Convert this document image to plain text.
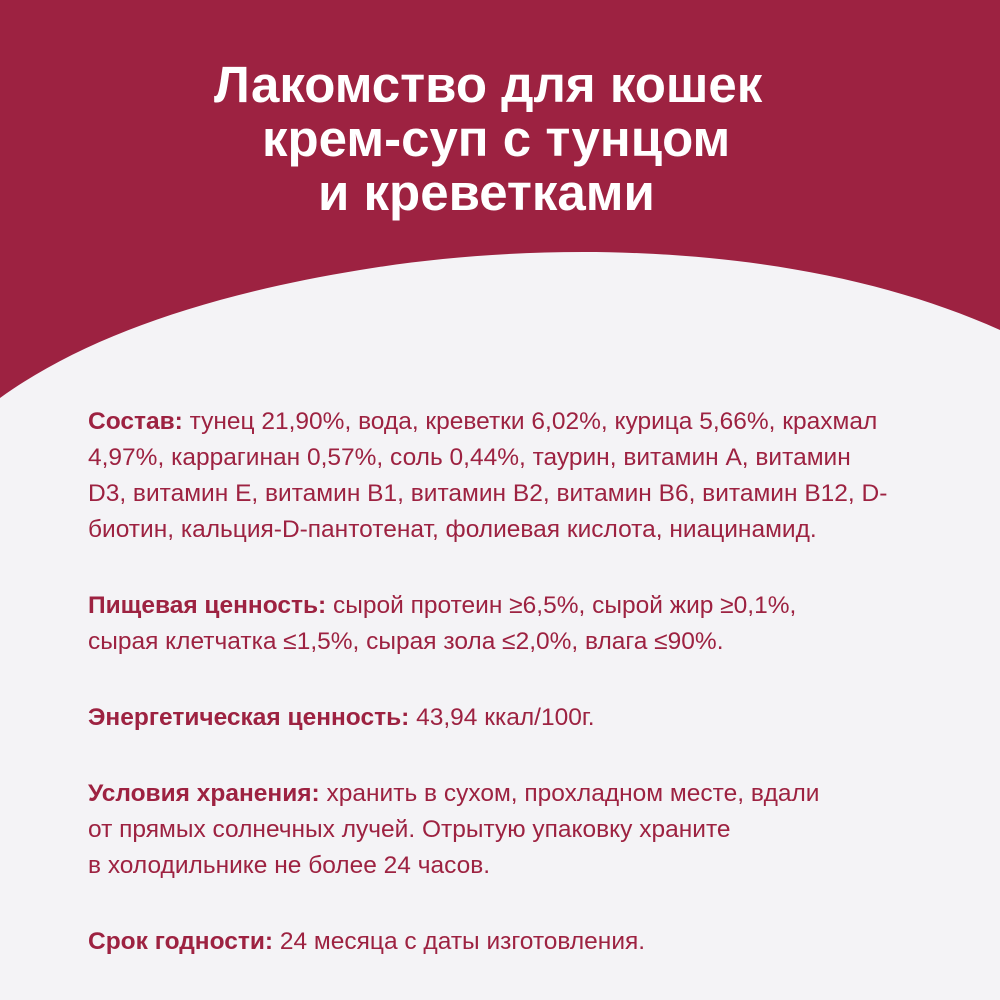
Лакомство для кошек
крем-суп с тунцом
и креветками
Состав: тунец 21,90%, вода, креветки 6,02%, курица 5,66%, крахмал
4,97%, каррагинан 0,57%, соль 0,44%, таурин, витамин A, витамин
D3, витамин E, витамин B1, витамин B2, витамин B6, витамин B12, D-
биотин, кальция-D-пантотенат, фолиевая кислота, ниацинамид.
Пищевая ценность: сырой протеин ≥6,5%, сырой жир ≥0,1%,
сырая клетчатка ≤1,5%, сырая зола ≤2,0%, влага ≤90%.
Энергетическая ценность: 43,94 ккал/100г.
Условия хранения: хранить в сухом, прохладном месте, вдали
от прямых солнечных лучей. Отрытую упаковку храните
в холодильнике не более 24 часов.
Срок годности: 24 месяца с даты изготовления.
